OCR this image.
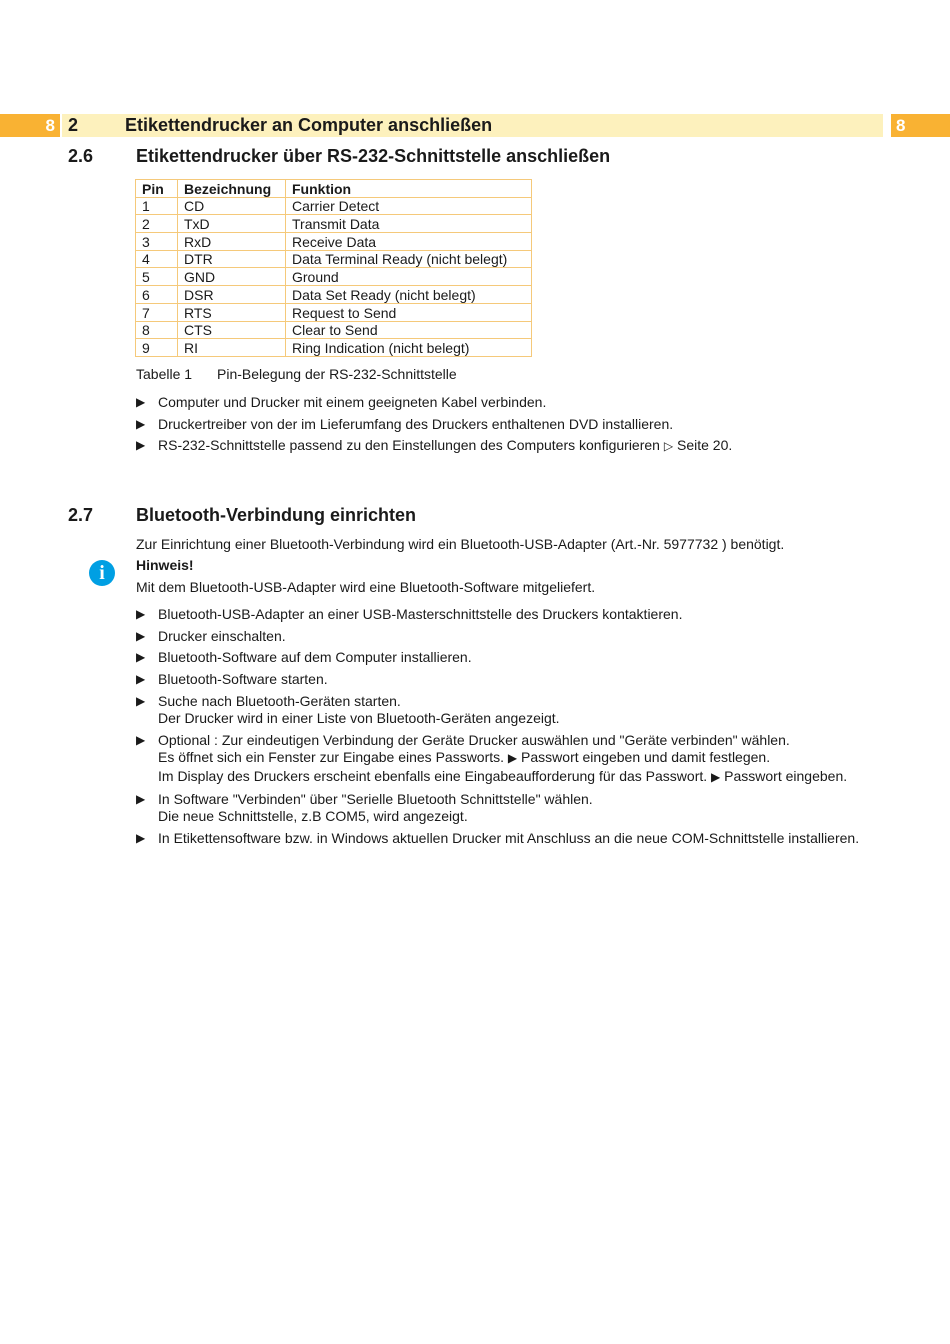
8 2	Etikettendrucker an Computer anschließen	8
2.6 Etikettendrucker über RS-232-Schnittstelle anschließen
Pin	Bezeichnung	Funktion
1	CD	Carrier Detect
2	TxD	Transmit Data
3	RxD	Receive Data
4	DTR	Data Terminal Ready (nicht belegt)
5	GND	Ground
6	DSR	Data Set Ready (nicht belegt)
7	RTS	Request to Send
8	CTS	Clear to Send
9	RI	Ring Indication (nicht belegt)
Tabelle 1 Pin-Belegung der RS-232-Schnittstelle
▶ Computer und Drucker mit einem geeigneten Kabel verbinden.
▶ Druckertreiber von der im Lieferumfang des Druckers enthaltenen DVD installieren.
▶ RS-232-Schnittstelle passend zu den Einstellungen des Computers konfigurieren ▷ Seite 20.
2.7 Bluetooth-Verbindung einrichten
Zur Einrichtung einer Bluetooth-Verbindung wird ein Bluetooth-USB-Adapter (Art.-Nr. 5977732 ) benötigt.
i	Hinweis!
Mit dem Bluetooth-USB-Adapter wird eine Bluetooth-Software mitgeliefert.
▶ Bluetooth-USB-Adapter an einer USB-Masterschnittstelle des Druckers kontaktieren.
▶ Drucker einschalten.
▶ Bluetooth-Software auf dem Computer installieren.
▶ Bluetooth-Software starten.
▶ Suche nach Bluetooth-Geräten starten.
Der Drucker wird in einer Liste von Bluetooth-Geräten angezeigt.
▶ Optional : Zur eindeutigen Verbindung der Geräte Drucker auswählen und "Geräte verbinden" wählen.
Es öffnet sich ein Fenster zur Eingabe eines Passworts. ▶ Passwort eingeben und damit festlegen.
Im Display des Druckers erscheint ebenfalls eine Eingabeaufforderung für das Passwort. ▶ Passwort eingeben.
▶ In Software "Verbinden" über "Serielle Bluetooth Schnittstelle" wählen.
Die neue Schnittstelle, z.B COM5, wird angezeigt.
▶ In Etikettensoftware bzw. in Windows aktuellen Drucker mit Anschluss an die neue COM-Schnittstelle installieren.
